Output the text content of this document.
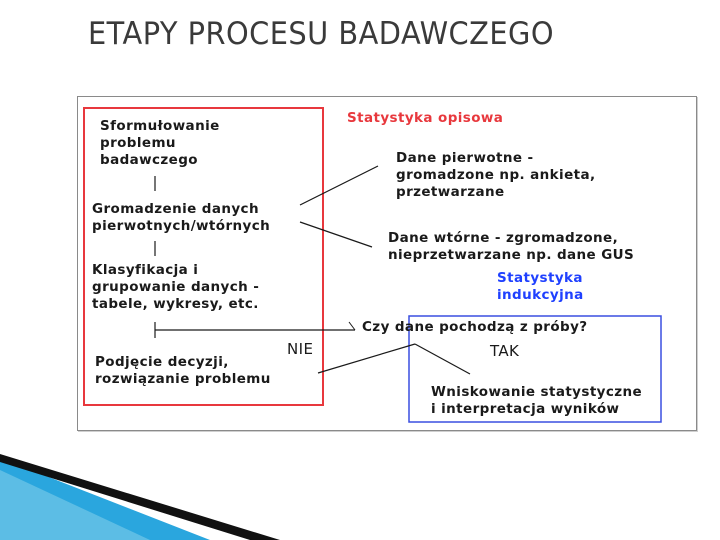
ETAPY PROCESU BADAWCZEGO
Sformułowanie
problemu
badawczego
Gromadzenie danych
pierwotnych/wtórnych
Klasyfikacja i
grupowanie danych -
tabele, wykresy, etc.
Podjęcie decyzji,
rozwiązanie problemu
Statystyka opisowa
Dane pierwotne -
gromadzone np. ankieta,
przetwarzane
Dane wtórne - zgromadzone,
nieprzetwarzane np. dane GUS
Statystyka
indukcyjna
Czy dane pochodzą z próby?
NIE	TAK
Wniskowanie statystyczne
i interpretacja wyników
